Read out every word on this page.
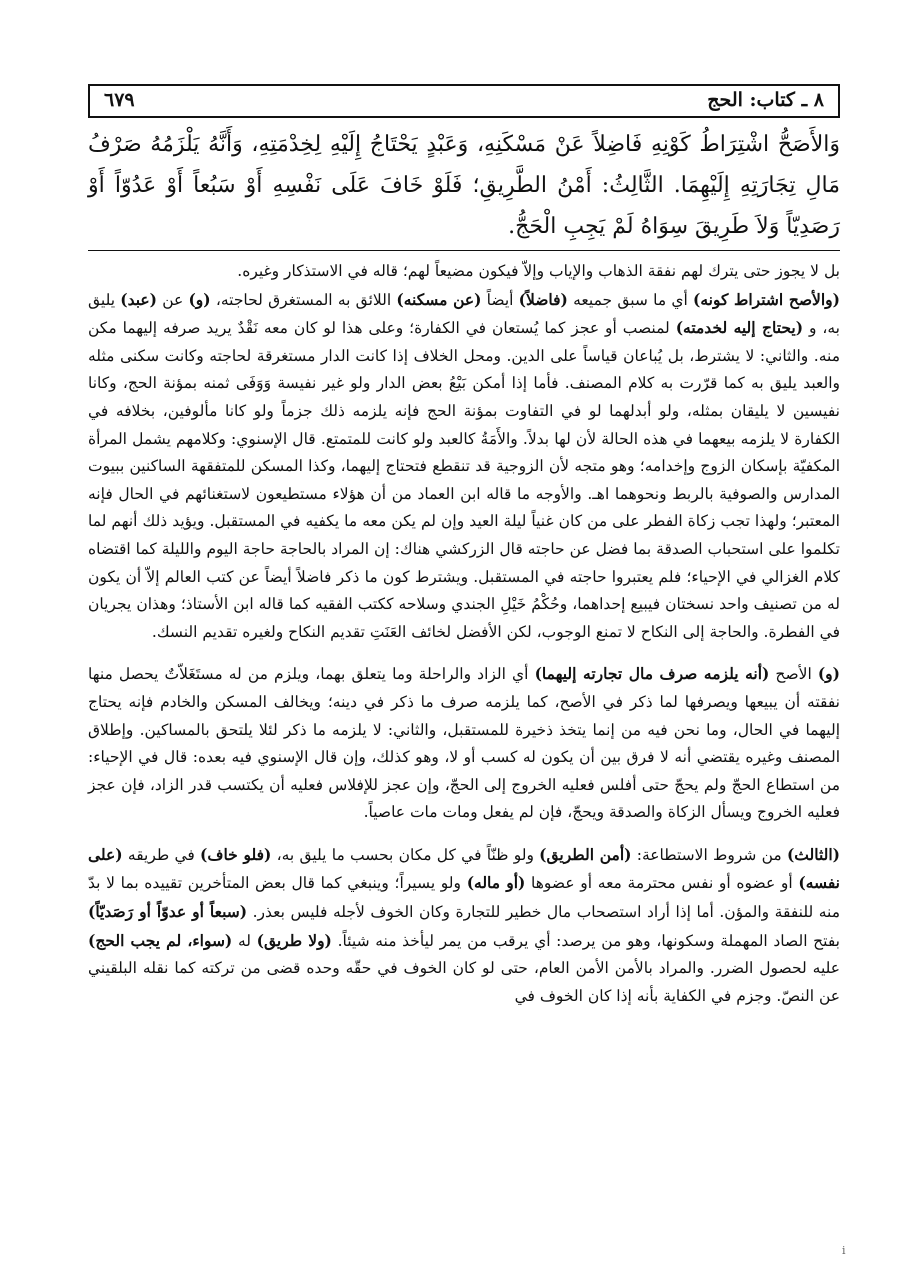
٨ ـ كتاب: الحج
٦٧٩

وَالأَصَحُّ اشْتِرَاطُ كَوْنِهِ فَاضِلاً عَنْ مَسْكَنِهِ، وَعَبْدٍ يَحْتَاجُ إِلَيْهِ لِخِدْمَتِهِ، وَأَنَّهُ يَلْزَمُهُ صَرْفُ مَالِ تِجَارَتِهِ إِلَيْهِمَا. الثَّالِثُ: أَمْنُ الطَّرِيقِ؛ فَلَوْ خَافَ عَلَى نَفْسِهِ أَوْ سَبُعاً أَوْ عَدُوّاً أَوْ رَصَدِيّاً وَلاَ طَرِيقَ سِوَاهُ لَمْ يَجِبِ الْحَجُّ.

بل لا يجوز حتى يترك لهم نفقة الذهاب والإياب وإلاّ فيكون مضيعاً لهم؛ قاله في الاستذكار وغيره.

(والأصح اشتراط كونه) أي ما سبق جميعه (فاضلاً) أيضاً (عن مسكنه) اللائق به المستغرق لحاجته، (و) عن (عبد) يليق به، و (يحتاج إليه لخدمته) لمنصب أو عجز كما يُستعان في الكفارة؛ وعلى هذا لو كان معه نَقْدٌ يريد صرفه إليهما مكن منه. والثاني: لا يشترط، بل يُباعان قياساً على الدين. ومحل الخلاف إذا كانت الدار مستغرقة لحاجته وكانت سكنى مثله والعبد يليق به كما قرّرت به كلام المصنف. فأما إذا أمكن بَيْعُ بعض الدار ولو غير نفيسة وَوَفَى ثمنه بمؤنة الحج، وكانا نفيسين لا يليقان بمثله، ولو أبدلهما لو في التفاوت بمؤنة الحج فإنه يلزمه ذلك جزماً ولو كانا مألوفين، بخلافه في الكفارة لا يلزمه بيعهما في هذه الحالة لأن لها بدلاً. والأَمَةُ كالعبد ولو كانت للمتمتع. قال الإسنوي: وكلامهم يشمل المرأة المكفيّة بإسكان الزوج وإخدامه؛ وهو متجه لأن الزوجية قد تنقطع فتحتاج إليهما، وكذا المسكن للمتفقهة الساكنين ببيوت المدارس والصوفية بالربط ونحوهما اهـ. والأوجه ما قاله ابن العماد من أن هؤلاء مستطيعون لاستغنائهم في الحال فإنه المعتبر؛ ولهذا تجب زكاة الفطر على من كان غنياً ليلة العيد وإن لم يكن معه ما يكفيه في المستقبل. ويؤيد ذلك أنهم لما تكلموا على استحباب الصدقة بما فضل عن حاجته قال الزركشي هناك: إن المراد بالحاجة حاجة اليوم والليلة كما اقتضاه كلام الغزالي في الإحياء؛ فلم يعتبروا حاجته في المستقبل. ويشترط كون ما ذكر فاضلاً أيضاً عن كتب العالم إلاّ أن يكون له من تصنيف واحد نسختان فيبيع إحداهما، وحُكْمُ خَيْلِ الجندي وسلاحه ككتب الفقيه كما قاله ابن الأستاذ؛ وهذان يجريان في الفطرة. والحاجة إلى النكاح لا تمنع الوجوب، لكن الأفضل لخائف العَنَتِ تقديم النكاح ولغيره تقديم النسك.

(و) الأصح (أنه يلزمه صرف مال تجارته إليهما) أي الزاد والراحلة وما يتعلق بهما، ويلزم من له مستَغَلاّتٌ يحصل منها نفقته أن يبيعها ويصرفها لما ذكر في الأصح، كما يلزمه صرف ما ذكر في دينه؛ ويخالف المسكن والخادم فإنه يحتاج إليهما في الحال، وما نحن فيه من إنما يتخذ ذخيرة للمستقبل، والثاني: لا يلزمه ما ذكر لئلا يلتحق بالمساكين. وإطلاق المصنف وغيره يقتضي أنه لا فرق بين أن يكون له كسب أو لا، وهو كذلك، وإن قال الإسنوي فيه بعده: قال في الإحياء: من استطاع الحجّ ولم يحجّ حتى أفلس فعليه الخروج إلى الحجّ، وإن عجز للإفلاس فعليه أن يكتسب قدر الزاد، فإن عجز فعليه الخروج ويسأل الزكاة والصدقة ويحجّ، فإن لم يفعل ومات مات عاصياً.

(الثالث) من شروط الاستطاعة: (أمن الطريق) ولو ظنّاً في كل مكان بحسب ما يليق به، (فلو خاف) في طريقه (على نفسه) أو عضوه أو نفس محترمة معه أو عضوها (أو ماله) ولو يسيراً؛ وينبغي كما قال بعض المتأخرين تقييده بما لا بدّ منه للنفقة والمؤن. أما إذا أراد استصحاب مال خطير للتجارة وكان الخوف لأجله فليس بعذر. (سبعاً أو عدوّاً أو رَصَديّاً) بفتح الصاد المهملة وسكونها، وهو من يرصد: أي يرقب من يمر ليأخذ منه شيئاً. (ولا طريق) له (سواء، لم يجب الحج) عليه لحصول الضرر. والمراد بالأمن الأمن العام، حتى لو كان الخوف في حقّه وحده قضى من تركته كما نقله البلقيني عن النصّ. وجزم في الكفاية بأنه إذا كان الخوف في

i
